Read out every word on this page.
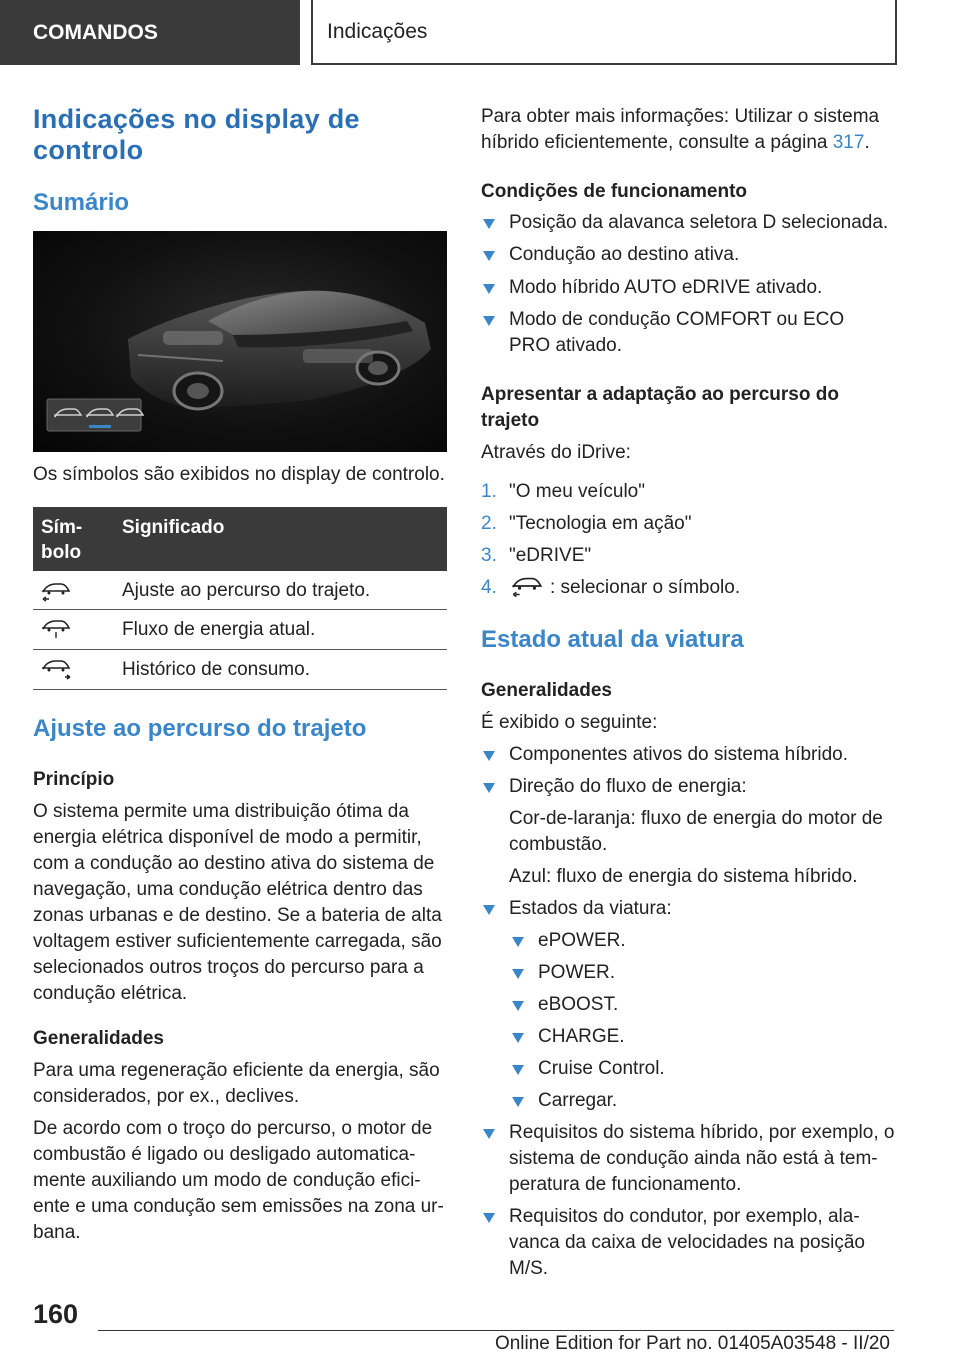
COMANDOS	Indicações
Indicações no display de
controlo
Sumário
Os símbolos são exibidos no display de controlo.
Sím-
bolo
Significado
Ajuste ao percurso do trajeto.
Fluxo de energia atual.
Histórico de consumo.
Ajuste ao percurso do trajeto
Princípio
O sistema permite uma distribuição ótima da
energia elétrica disponível de modo a permitir,
com a condução ao destino ativa do sistema de
navegação, uma condução elétrica dentro das
zonas urbanas e de destino. Se a bateria de alta
voltagem estiver suficientemente carregada, são
selecionados outros troços do percurso para a
condução elétrica.
Generalidades
Para uma regeneração eficiente da energia, são
considerados, por ex., declives.
De acordo com o troço do percurso, o motor de
combustão é ligado ou desligado automatica-
mente auxiliando um modo de condução efici-
ente e uma condução sem emissões na zona ur-
bana.
Para obter mais informações: Utilizar o sistema
híbrido eficientemente, consulte a página 317.
Condições de funcionamento
Posição da alavanca seletora D selecionada.
Condução ao destino ativa.
Modo híbrido AUTO eDRIVE ativado.
Modo de condução COMFORT ou ECO
PRO ativado.
Apresentar a adaptação ao percurso do
trajeto
Através do iDrive:
1. "O meu veículo"
2. "Tecnologia em ação"
3. "eDRIVE"
4.	: selecionar o símbolo.
Estado atual da viatura
Generalidades
É exibido o seguinte:
Componentes ativos do sistema híbrido.
Direção do fluxo de energia:
Cor-de-laranja: fluxo de energia do motor de
combustão.
Azul: fluxo de energia do sistema híbrido.
Estados da viatura:
ePOWER.
POWER.
eBOOST.
CHARGE.
Cruise Control.
Carregar.
Requisitos do sistema híbrido, por exemplo, o
sistema de condução ainda não está à tem-
peratura de funcionamento.
Requisitos do condutor, por exemplo, ala-
vanca da caixa de velocidades na posição
M/S.
160
Online Edition for Part no. 01405A03548 - II/20
